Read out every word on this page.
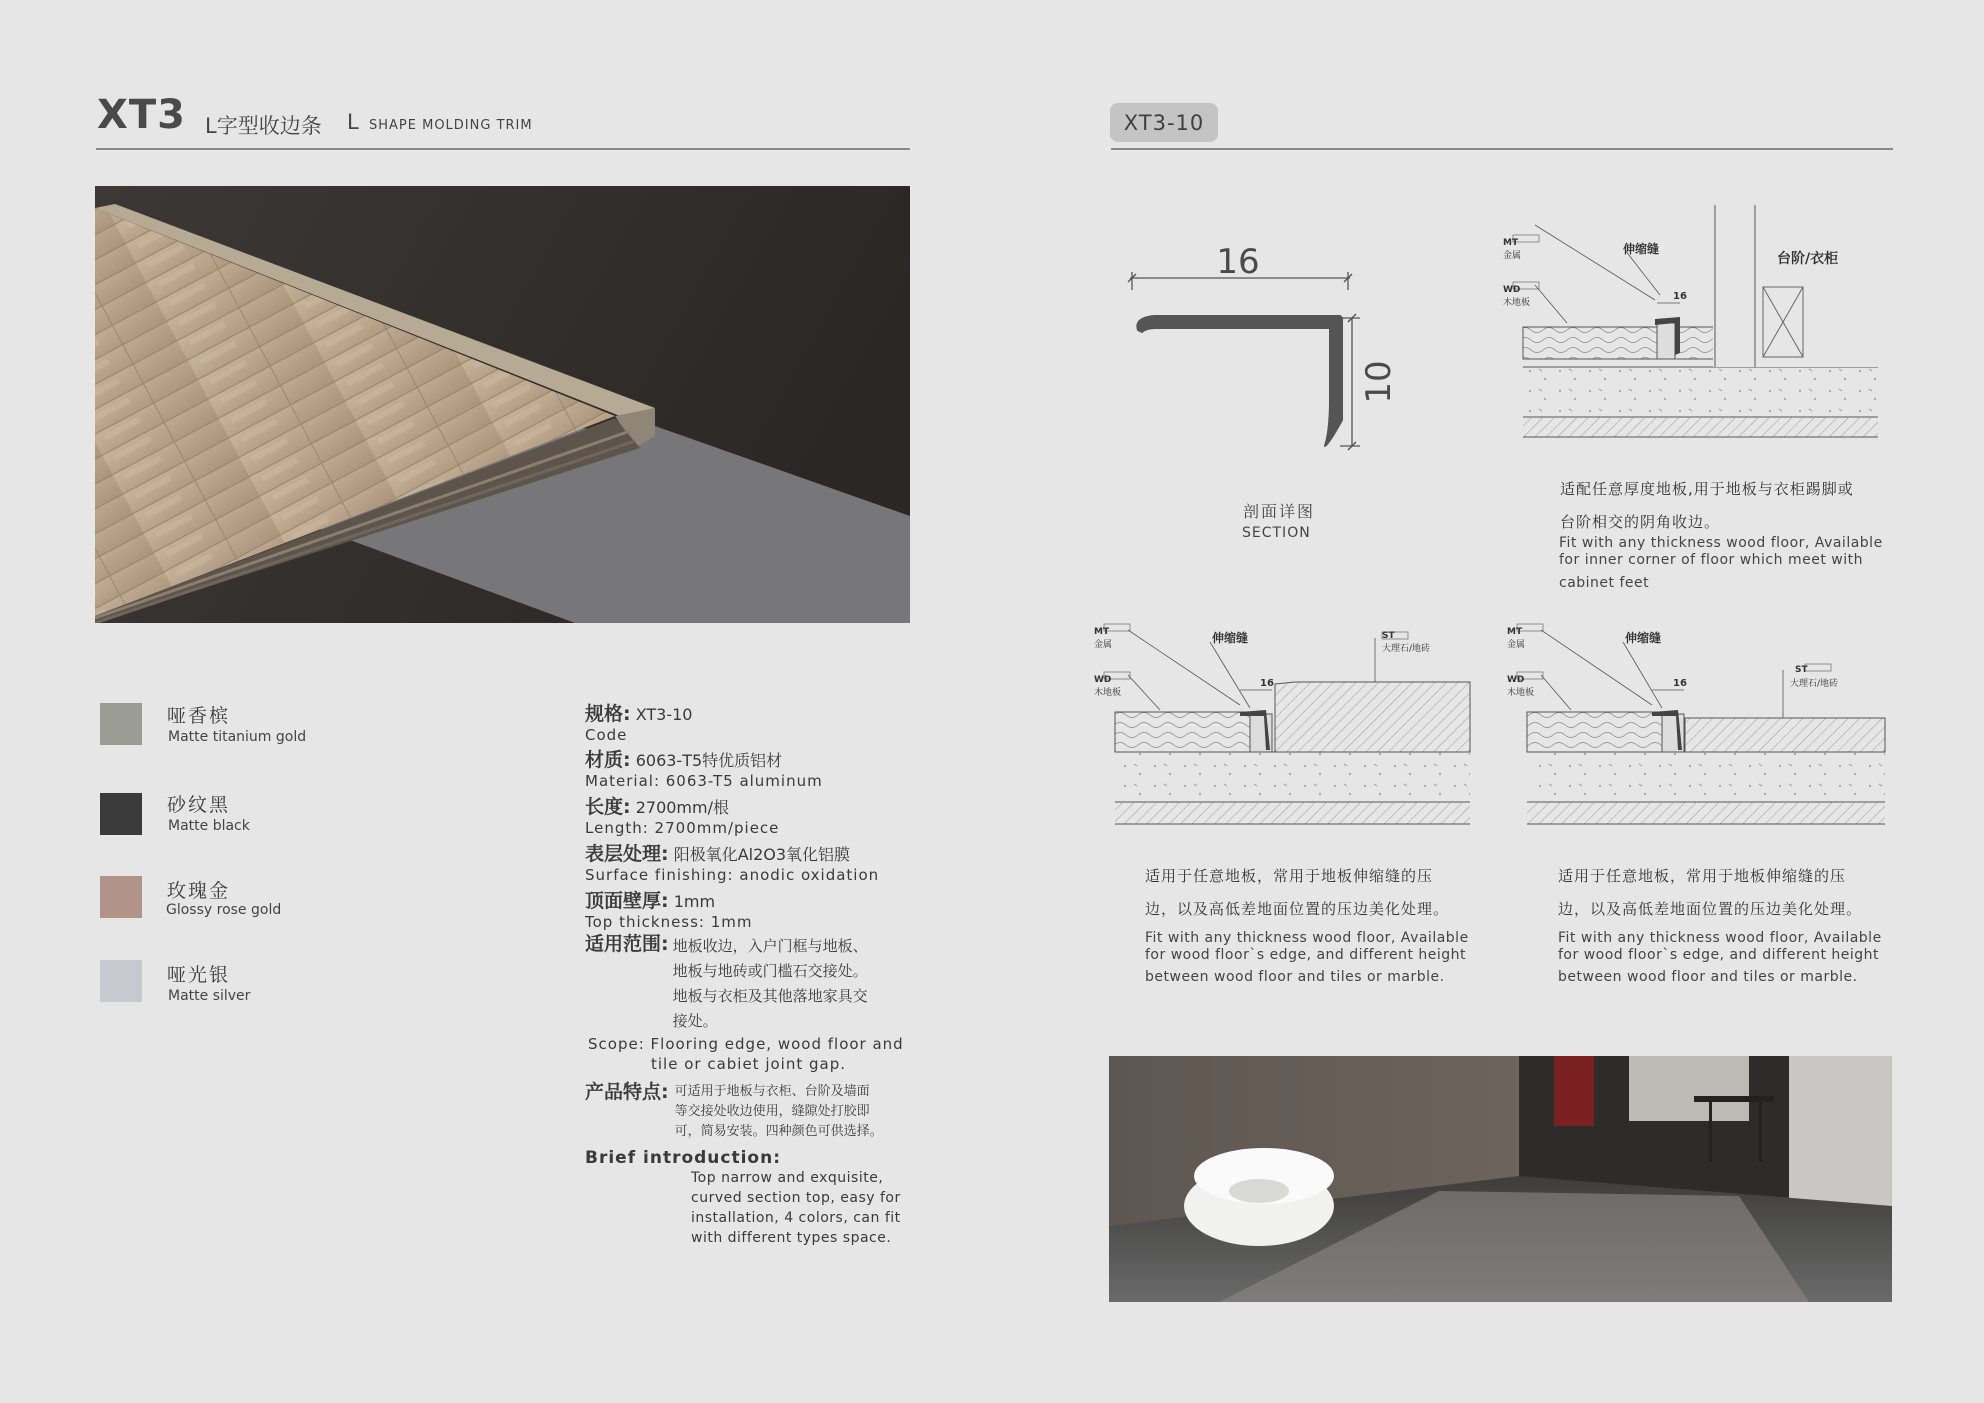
XT3 L字型收边条 L SHAPE MOLDING TRIM
哑香槟
Matte titanium gold
砂纹黑
Matte black
玫瑰金
Glossy rose gold
哑光银
Matte silver
规格: XT3-10
Code
材质: 6063-T5特优质铝材
Material: 6063-T5 aluminum
长度: 2700mm/根
Length: 2700mm/piece
表层处理: 阳极氧化Al2O3氧化铝膜
Surface finishing: anodic oxidation
顶面壁厚: 1mm
Top thickness: 1mm
适用范围: 地板收边，入户门框与地板、
地板与地砖或门槛石交接处。
地板与衣柜及其他落地家具交
接处。
Scope: Flooring edge, wood floor and
tile or cabiet joint gap.
产品特点: 可适用于地板与衣柜、台阶及墙面
等交接处收边使用，缝隙处打胶即
可，简易安装。四种颜色可供选择。
Brief introduction:
Top narrow and exquisite,
curved section top, easy for
installation, 4 colors, can fit
with different types space.
XT3-10
16
10
剖面详图
SECTION
MT
金属
WD
木地板
伸缩缝
16
台阶/衣柜
适配任意厚度地板,用于地板与衣柜踢脚或
台阶相交的阴角收边。
Fit with any thickness wood floor, Available
for inner corner of floor which meet with
cabinet feet
MT
金属
WD
木地板
伸缩缝
16
ST
大理石/地砖
适用于任意地板，常用于地板伸缩缝的压
边，以及高低差地面位置的压边美化处理。
Fit with any thickness wood floor, Available
for wood floor`s edge, and different height
between wood floor and tiles or marble.
MT
金属
WD
木地板
伸缩缝
16
ST
大理石/地砖
适用于任意地板，常用于地板伸缩缝的压
边，以及高低差地面位置的压边美化处理。
Fit with any thickness wood floor, Available
for wood floor`s edge, and different height
between wood floor and tiles or marble.
